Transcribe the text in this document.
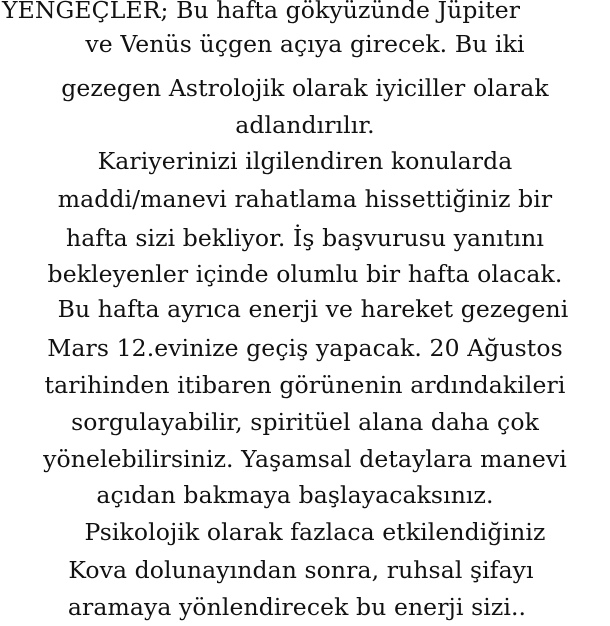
YENGEÇLER; Bu hafta gökyüzünde Jüpiter
ve Venüs üçgen açıya girecek. Bu iki
gezegen Astrolojik olarak iyiciller olarak
adlandırılır.
Kariyerinizi ilgilendiren konularda
maddi/manevi rahatlama hissettiğiniz bir
hafta sizi bekliyor. İş başvurusu yanıtını
bekleyenler içinde olumlu bir hafta olacak.
Bu hafta ayrıca enerji ve hareket gezegeni
Mars 12.evinize geçiş yapacak. 20 Ağustos
tarihinden itibaren görünenin ardındakileri
sorgulayabilir, spiritüel alana daha çok
yönelebilirsiniz. Yaşamsal detaylara manevi
açıdan bakmaya başlayacaksınız.
Psikolojik olarak fazlaca etkilendiğiniz
Kova dolunayından sonra, ruhsal şifayı
aramaya yönlendirecek bu enerji sizi..
